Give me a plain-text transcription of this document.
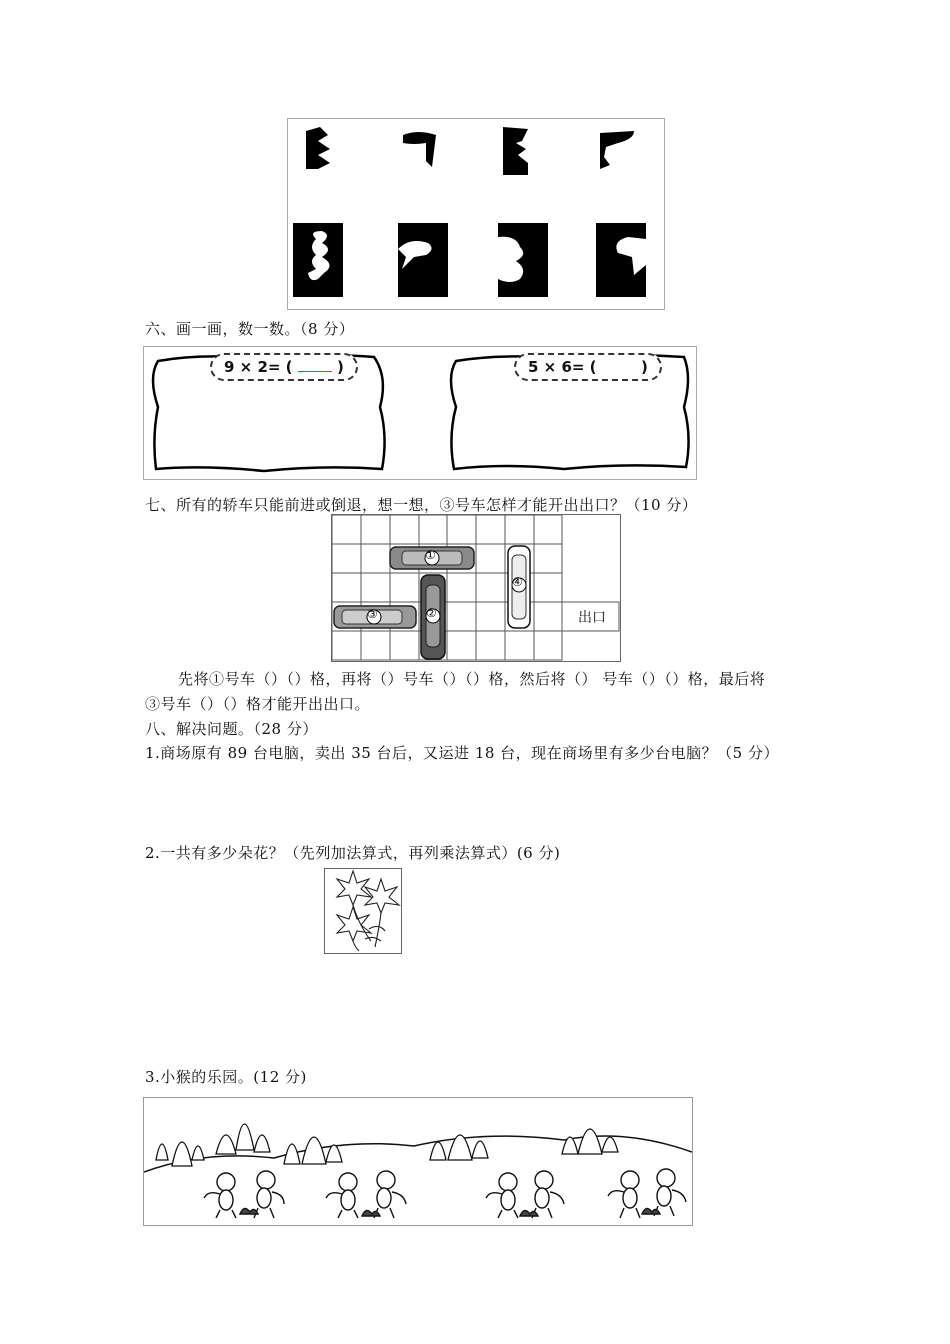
六、画一画，数一数。（8 分）
9 × 2= (	)	5 × 6= (	)
七、所有的轿车只能前进或倒退，想一想，③号车怎样才能开出出口？（10 分）
①
②
③
④
出口
先将①号车（）（）格，再将（）号车（）（）格，然后将（） 号车（）（）格，最后将
③号车（）（）格才能开出出口。
八、解决问题。（28 分）
1.商场原有 89 台电脑，卖出 35 台后，又运进 18 台，现在商场里有多少台电脑？（5 分）
2.一共有多少朵花？（先列加法算式，再列乘法算式）(6 分)
3.小猴的乐园。(12 分)
